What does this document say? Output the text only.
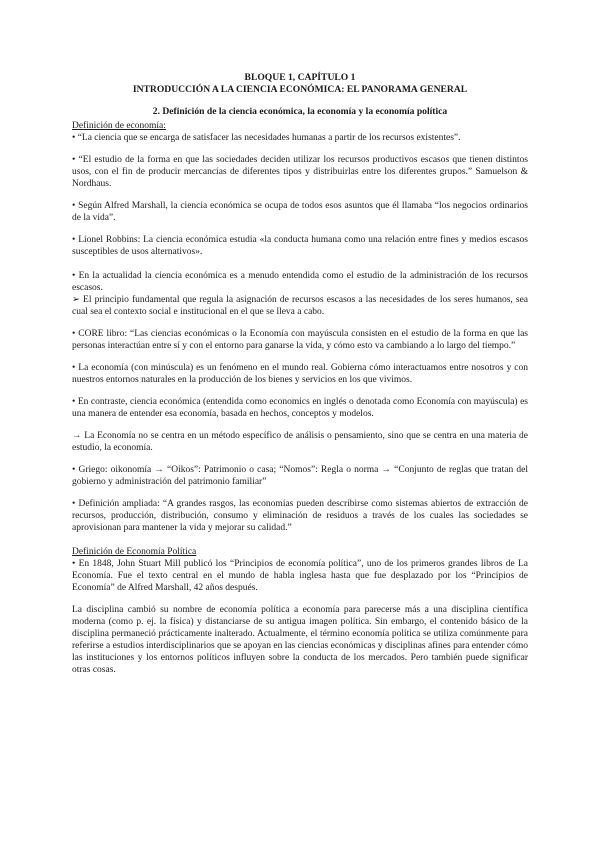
BLOQUE 1, CAPÍTULO 1
INTRODUCCIÓN A LA CIENCIA ECONÓMICA: EL PANORAMA GENERAL
2. Definición de la ciencia económica, la economía y la economía política
Definición de economía:

• “La ciencia que se encarga de satisfacer las necesidades humanas a partir de los recursos existentes”.

• “El estudio de la forma en que las sociedades deciden utilizar los recursos productivos escasos que tienen distintos usos, con el fin de producir mercancías de diferentes tipos y distribuirlas entre los diferentes grupos.” Samuelson & Nordhaus.

• Según Alfred Marshall, la ciencia económica se ocupa de todos esos asuntos que él llamaba “los negocios ordinarios de la vida”.

• Lionel Robbins: La ciencia económica estudia «la conducta humana como una relación entre fines y medios escasos susceptibles de usos alternativos».

• En la actualidad la ciencia económica es a menudo entendida como el estudio de la administración de los recursos escasos.

➢ El principio fundamental que regula la asignación de recursos escasos a las necesidades de los seres humanos, sea cual sea el contexto social e institucional en el que se lleva a cabo.

• CORE libro: “Las ciencias económicas o la Economía con mayúscula consisten en el estudio de la forma en que las personas interactúan entre sí y con el entorno para ganarse la vida, y cómo esto va cambiando a lo largo del tiempo.”

• La economía (con minúscula) es un fenómeno en el mundo real. Gobierna cómo interactuamos entre nosotros y con nuestros entornos naturales en la producción de los bienes y servicios en los que vivimos.

• En contraste, ciencia económica (entendida como economics en inglés o denotada como Economía con mayúscula) es una manera de entender esa economía, basada en hechos, conceptos y modelos.

→ La Economía no se centra en un método específico de análisis o pensamiento, sino que se centra en una materia de estudio, la economía.

• Griego: oikonomía → “Oikos”: Patrimonio o casa; “Nomos”: Regla o norma → “Conjunto de reglas que tratan del gobierno y administración del patrimonio familiar”

• Definición ampliada: “A grandes rasgos, las economías pueden describirse como sistemas abiertos de extracción de recursos, producción, distribución, consumo y eliminación de residuos a través de los cuales las sociedades se aprovisionan para mantener la vida y mejorar su calidad.”

Definición de Economía Política

• En 1848, John Stuart Mill publicó los “Principios de economía política”, uno de los primeros grandes libros de La Economía. Fue el texto central en el mundo de habla inglesa hasta que fue desplazado por los “Principios de Economía” de Alfred Marshall, 42 años después.

La disciplina cambió su nombre de economía política a economía para parecerse más a una disciplina científica moderna (como p. ej. la física) y distanciarse de su antigua imagen política. Sin embargo, el contenido básico de la disciplina permaneció prácticamente inalterado. Actualmente, el término economía política se utiliza comúnmente para referirse a estudios interdisciplinarios que se apoyan en las ciencias económicas y disciplinas afines para entender cómo las instituciones y los entornos políticos influyen sobre la conducta de los mercados. Pero también puede significar otras cosas.
